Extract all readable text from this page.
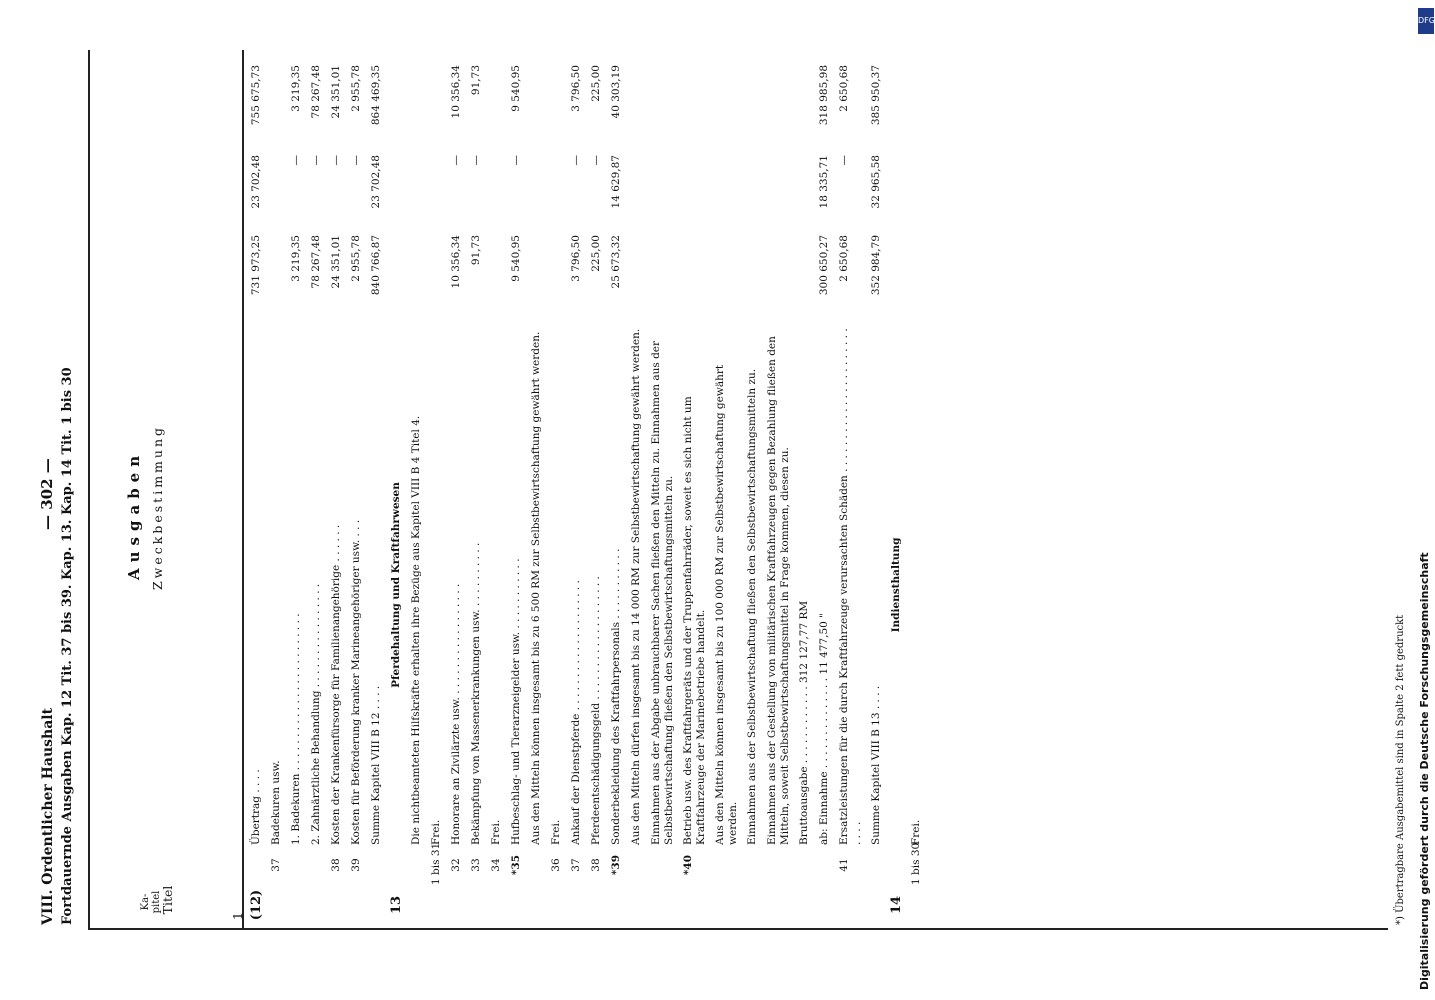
VIII. Ordentlicher Haushalt Fortdauernde Ausgaben Kap. 12 Tit. 37 bis 39. Kap. 13. Kap. 14 Tit. 1 bis 30
— 302 —
Ka-
pitel
Titel
Ausgaben Zweckbestimmung
1 (12)
Übertrag . . . .
731 973,25
23 702,48
755 675,73
37
Badekuren usw. 1. Badekuren . . . . . . . . . . . . . . . . . . . . . . . .
3 219,35
—
3 219,35
2. Zahnärztliche Behandlung . . . . . . . . . . . . . . . .
78 267,48
—
78 267,48
38
Kosten der Krankenfürsorge für Familienangehörige . . . . . .
24 351,01
—
24 351,01
39
Kosten für Beförderung kranker Marineangehöriger usw. . . .
2 955,78
—
2 955,78
Summe Kapitel VIII B 12 . . . .
840 766,87
23 702,48
864 469,35
13
Pferdehaltung und Kraftfahrwesen Die nichtbeamteten Hilfskräfte erhalten ihre Bezüge aus Kapitel VIII B 4 Titel 4.
1 bis 31
Frei.
32
Honorare an Zivilärzte usw. . . . . . . . . . . . . . . . . .
10 356,34
—
10 356,34
33
Bekämpfung von Massenerkrankungen usw. . . . . . . . . . .
91,73
—
91,73
34
Frei.
*35
Hufbeschlag- und Tierarzneigelder usw. . . . . . . . . . . .
9 540,95
—
9 540,95
Aus den Mitteln können insgesamt bis zu 6 500 RM zur Selbstbewirtschaftung gewährt werden.
36
Frei.
37
Ankauf der Dienstpferde . . . . . . . . . . . . . . . . . . . .
3 796,50
—
3 796,50
38
Pferdeentschädigungsgeld . . . . . . . . . . . . . . . . . . .
225,00
—
225,00
*39
Sonderbekleidung des Kraftfahrpersonals . . . . . . . . . . .
25 673,32
14 629,87
40 303,19
Aus den Mitteln dürfen insgesamt bis zu 14 000 RM zur Selbstbewirtschaftung gewährt werden. Einnahmen aus der Abgabe unbrauchbarer Sachen fließen den Mitteln zu. Einnahmen aus der Selbstbewirtschaftung fließen den Selbstbewirtschaftungsmitteln zu.
*40
Betrieb usw. des Kraftfahrgeräts und der Truppenfahrräder, soweit es sich nicht um Kraftfahrzeuge der Marinebetriebe handelt. Aus den Mitteln können insgesamt bis zu 100 000 RM zur Selbstbewirtschaftung gewährt werden. Einnahmen aus der Selbstbewirtschaftung fließen den Selbstbewirtschaftungsmitteln zu. Einnahmen aus der Gestellung von militärischen Kraftfahrzeugen gegen Bezahlung fließen den Mitteln, soweit Selbstbewirtschaftungsmittel in Frage kommen, diesen zu. Bruttoausgabe . . . . . . . . . . . . 312 127,77 RM ab: Einnahme . . . . . . . . . . . . . . 11 477,50 "
300 650,27
18 335,71
318 985,98
41
Ersatzleistungen für die durch Kraftfahrzeuge verursachten Schäden . . . . . . . . . . . . . . . . . . . . . . . . . .
2 650,68
—
2 650,68
Summe Kapitel VIII B 13 . . . .
352 984,79
32 965,58
385 950,37
14
Indiensthaltung
1 bis 30
Frei.	*) Übertragbare Ausgabemittel sind in Spalte 2 fett gedruckt Digitalisierung gefördert durch die Deutsche Forschungsgemeinschaft
DFG
